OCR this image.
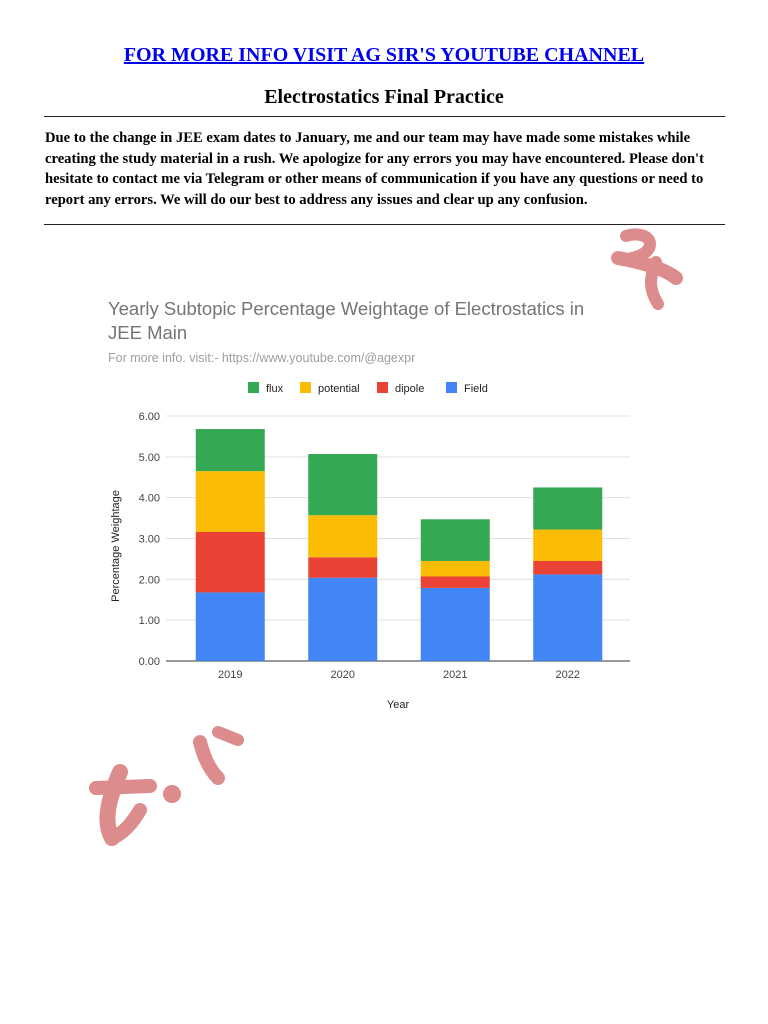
FOR MORE INFO VISIT AG SIR'S YOUTUBE CHANNEL
Electrostatics Final Practice
Due to the change in JEE exam dates to January, me and our team may have made some mistakes while creating the study material in a rush. We apologize for any errors you may have encountered. Please don't hesitate to contact me via Telegram or other means of communication if you have any questions or need to report any errors. We will do our best to address any issues and clear up any confusion.
Yearly Subtopic Percentage Weightage of Electrostatics in
JEE Main
For more info. visit:- https://www.youtube.com/@agexpr
flux	potential	dipole	Field
0.00
1.00
2.00
3.00
4.00
5.00
6.00
2019	2020	2021	2022
Year
Percentage Weightage
